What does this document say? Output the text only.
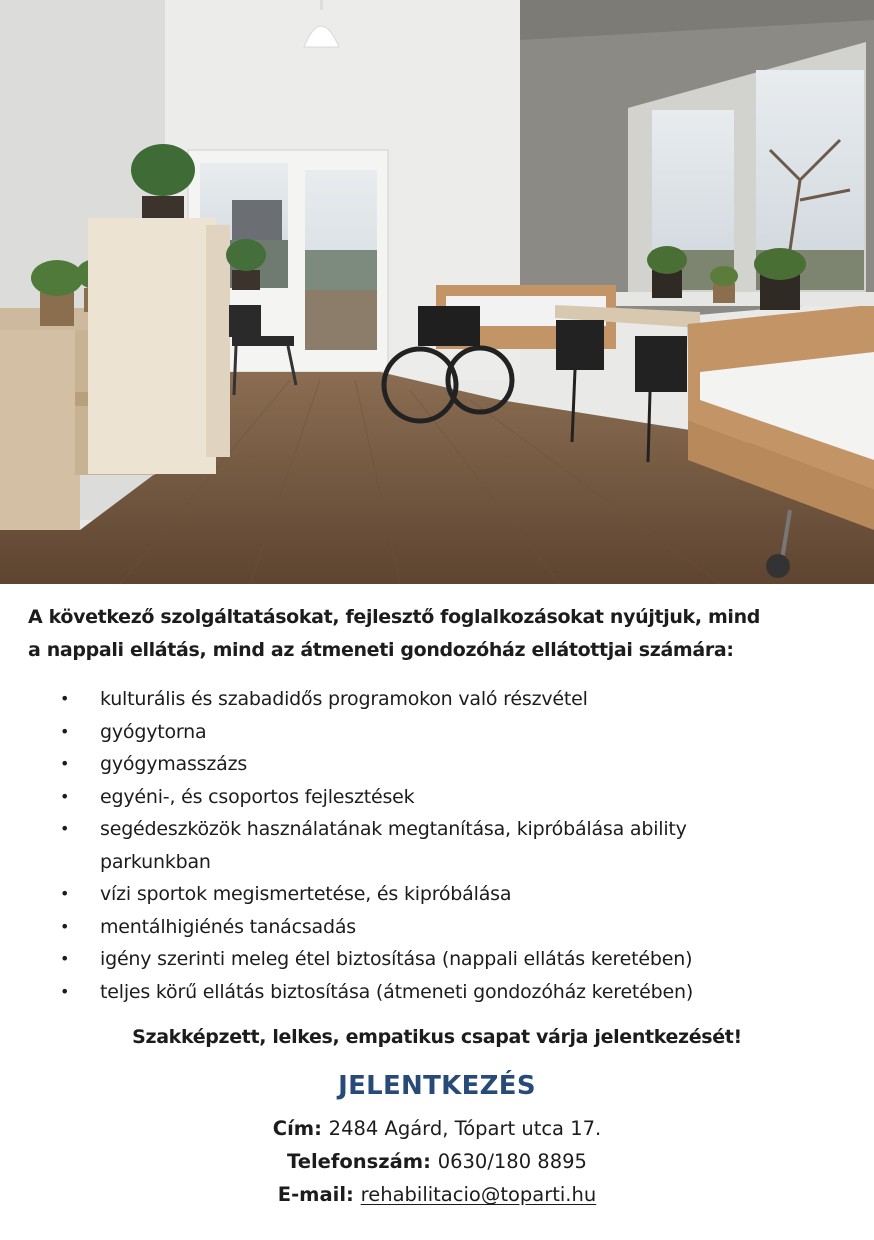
A következő szolgáltatásokat, fejlesztő foglalkozásokat nyújtjuk, mind
a nappali ellátás, mind az átmeneti gondozóház ellátottjai számára:
• kulturális és szabadidős programokon való részvétel
• gyógytorna
• gyógymasszázs
• egyéni-, és csoportos fejlesztések
• segédeszközök használatának megtanítása, kipróbálása ability
parkunkban
• vízi sportok megismertetése, és kipróbálása
• mentálhigiénés tanácsadás
• igény szerinti meleg étel biztosítása (nappali ellátás keretében)
• teljes körű ellátás biztosítása (átmeneti gondozóház keretében)

Szakképzett, lelkes, empatikus csapat várja jelentkezését!

JELENTKEZÉS

Cím: 2484 Agárd, Tópart utca 17.

Telefonszám: 0630/180 8895

E-mail: rehabilitacio@toparti.hu
